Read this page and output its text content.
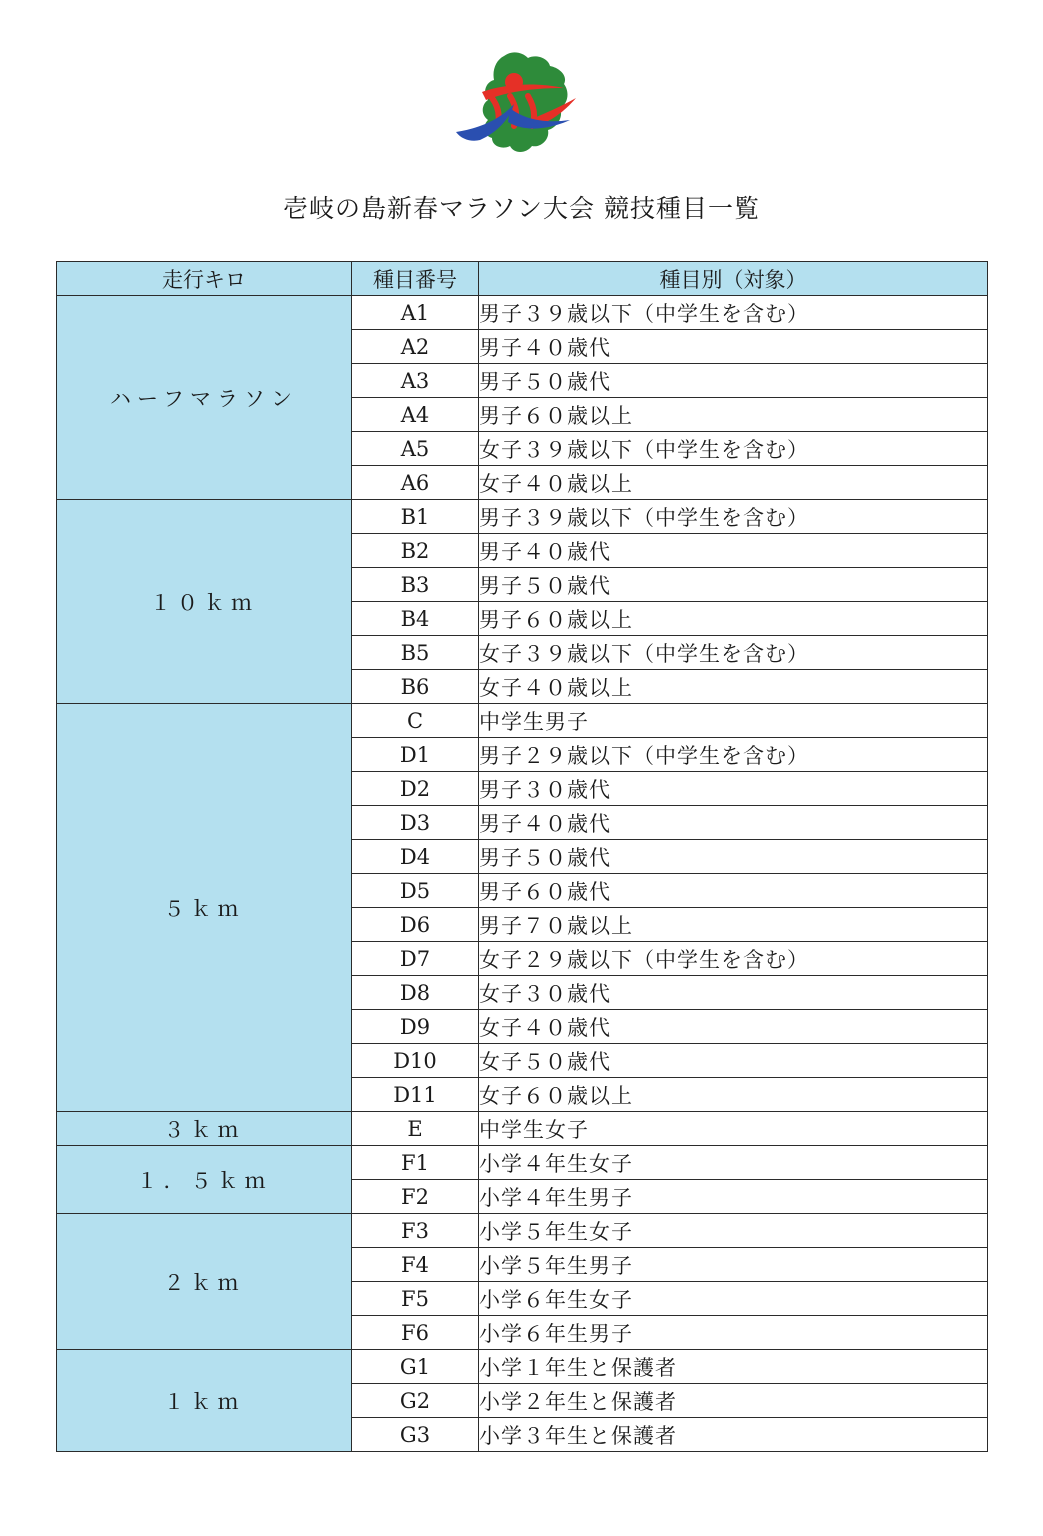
壱岐の島新春マラソン大会 競技種目一覧
走行キロ	種目番号	種目別（対象）
ハーフマラソン	A1	男子３９歳以下（中学生を含む）
	A2	男子４０歳代
	A3	男子５０歳代
	A4	男子６０歳以上
	A5	女子３９歳以下（中学生を含む）
	A6	女子４０歳以上
１０ｋｍ	B1	男子３９歳以下（中学生を含む）
	B2	男子４０歳代
	B3	男子５０歳代
	B4	男子６０歳以上
	B5	女子３９歳以下（中学生を含む）
	B6	女子４０歳以上
５ｋｍ	C	中学生男子
	D1	男子２９歳以下（中学生を含む）
	D2	男子３０歳代
	D3	男子４０歳代
	D4	男子５０歳代
	D5	男子６０歳代
	D6	男子７０歳以上
	D7	女子２９歳以下（中学生を含む）
	D8	女子３０歳代
	D9	女子４０歳代
	D10	女子５０歳代
	D11	女子６０歳以上
３ｋｍ	E	中学生女子
１．５ｋｍ	F1	小学４年生女子
	F2	小学４年生男子
２ｋｍ	F3	小学５年生女子
	F4	小学５年生男子
	F5	小学６年生女子
	F6	小学６年生男子
１ｋｍ	G1	小学１年生と保護者
	G2	小学２年生と保護者
	G3	小学３年生と保護者
